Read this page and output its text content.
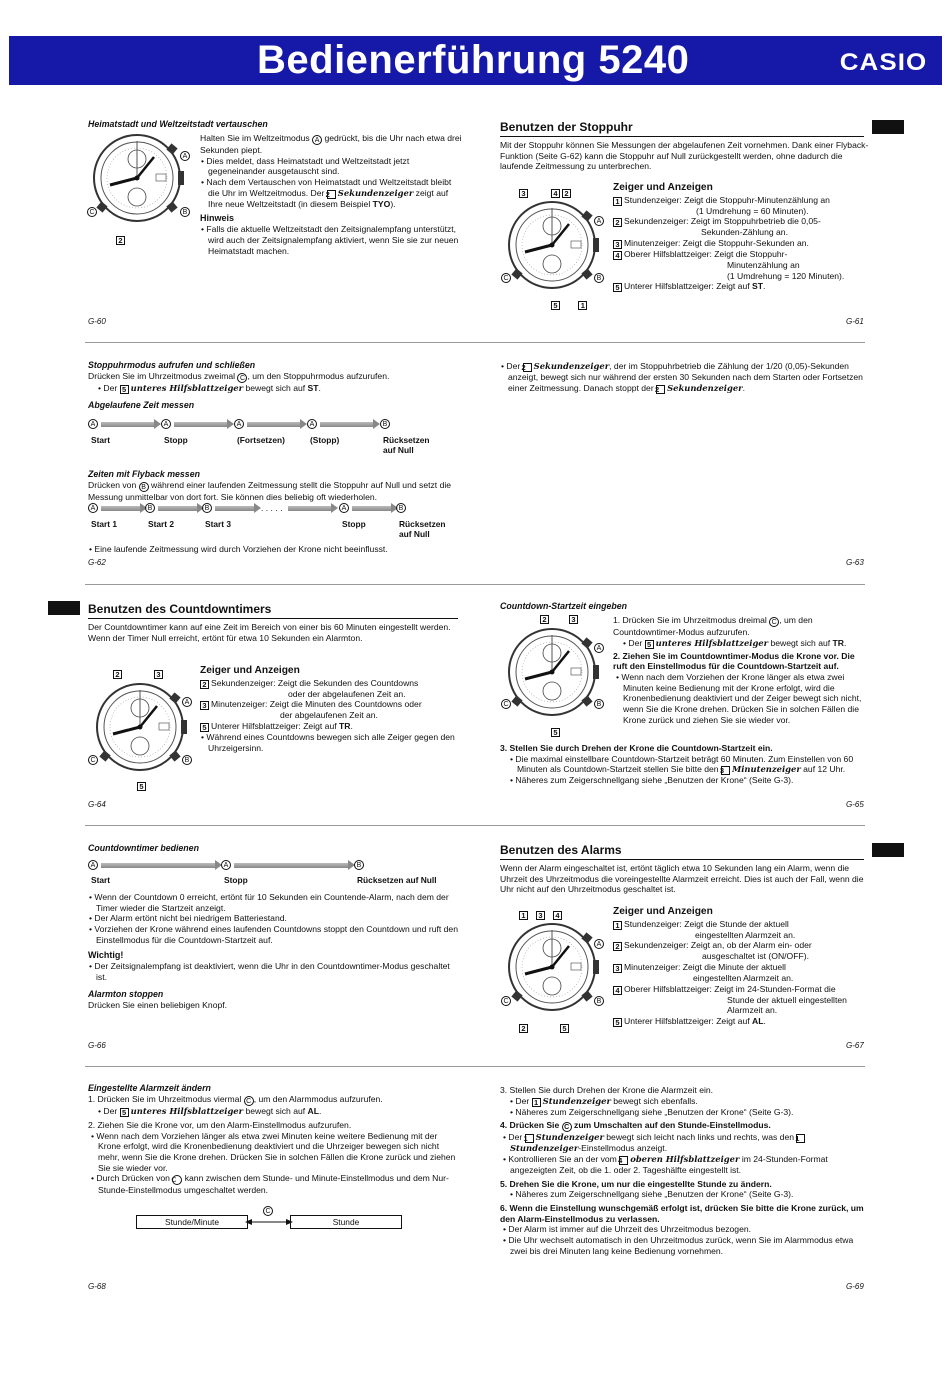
Bedienerführung 5240	CASIO
Heimatstadt und Weltzeitstadt vertauschen
A
C	B
2
Halten Sie im Weltzeitmodus A gedrückt, bis die Uhr nach etwa drei Sekunden piept.
• Dies meldet, dass Heimatstadt und Weltzeitstadt jetzt gegeneinander ausgetauscht sind.
• Nach dem Vertauschen von Heimatstadt und Weltzeitstadt bleibt die Uhr im Weltzeitmodus. Der 2 Sekundenzeiger zeigt auf Ihre neue Weltzeitstadt (in diesem Beispiel TYO).
Hinweis
• Falls die aktuelle Weltzeitstadt den Zeitsignalempfang unterstützt, wird auch der Zeitsignalempfang aktiviert, wenn Sie sie zur neuen Heimatstadt machen.
G-60
Benutzen der Stoppuhr
Mit der Stoppuhr können Sie Messungen der abgelaufenen Zeit vornehmen. Dank einer Flyback-Funktion (Seite G-62) kann die Stoppuhr auf Null zurückgestellt werden, ohne dadurch die laufende Zeitmessung zu unterbrechen.
3	4 2
A
C	B
5	1
Zeiger und Anzeigen
1 Stundenzeiger: Zeigt die Stoppuhr-Minutenzählung an
(1 Umdrehung = 60 Minuten).
2 Sekundenzeiger: Zeigt im Stoppuhrbetrieb die 0,05-
Sekunden-Zählung an.
3 Minutenzeiger: Zeigt die Stoppuhr-Sekunden an.
4 Oberer Hilfsblattzeiger: Zeigt die Stoppuhr-
Minutenzählung an
(1 Umdrehung = 120 Minuten).
5 Unterer Hilfsblattzeiger: Zeigt auf ST.
G-61
Stoppuhrmodus aufrufen und schließen
Drücken Sie im Uhrzeitmodus zweimal C , um den Stoppuhrmodus aufzurufen.
• Der 5 unteres Hilfsblattzeiger bewegt sich auf ST.
Abgelaufene Zeit messen
A	A	A	A	B
Start	Stopp	(Fortsetzen)	(Stopp)	Rücksetzen auf Null
Zeiten mit Flyback messen
Drücken von B während einer laufenden Zeitmessung stellt die Stoppuhr auf Null und setzt die Messung unmittelbar von dort fort. Sie können dies beliebig oft wiederholen.
A	B	B	. . . . .	A	B
Start 1	Start 2	Start 3	Stopp	Rücksetzen auf Null
• Eine laufende Zeitmessung wird durch Vorziehen der Krone nicht beeinflusst.
G-62
• Der 2 Sekundenzeiger, der im Stoppuhrbetrieb die Zählung der 1/20 (0,05)-Sekunden anzeigt, bewegt sich nur während der ersten 30 Sekunden nach dem Starten oder Fortsetzen einer Zeitmessung. Danach stoppt der 2 Sekundenzeiger.
G-63
Benutzen des Countdowntimers
Der Countdowntimer kann auf eine Zeit im Bereich von einer bis 60 Minuten eingestellt werden. Wenn der Timer Null erreicht, ertönt für etwa 10 Sekunden ein Alarmton.
2	3
A
C	B
5
Zeiger und Anzeigen
2 Sekundenzeiger: Zeigt die Sekunden des Countdowns
oder der abgelaufenen Zeit an.
3 Minutenzeiger: Zeigt die Minuten des Countdowns oder
der abgelaufenen Zeit an.
5 Unterer Hilfsblattzeiger: Zeigt auf TR.
• Während eines Countdowns bewegen sich alle Zeiger gegen den Uhrzeigersinn.
G-64
Countdown-Startzeit eingeben
2	3
A
C	B
5
1. Drücken Sie im Uhrzeitmodus dreimal C , um den Countdowntimer-Modus aufzurufen.
• Der 5 unteres Hilfsblattzeiger bewegt sich auf TR.
2. Ziehen Sie im Countdowntimer-Modus die Krone vor. Die ruft den Einstellmodus für die Countdown-Startzeit auf.
• Wenn nach dem Vorziehen der Krone länger als etwa zwei Minuten keine Bedienung mit der Krone erfolgt, wird die Kronenbedienung deaktiviert und der Zeiger bewegt sich nicht, wenn Sie die Krone drehen. Drücken Sie in solchen Fällen die Krone zurück und ziehen Sie sie wieder vor.
3. Stellen Sie durch Drehen der Krone die Countdown-Startzeit ein.
• Die maximal einstellbare Countdown-Startzeit beträgt 60 Minuten. Zum Einstellen von 60 Minuten als Countdown-Startzeit stellen Sie bitte den 3 Minutenzeiger auf 12 Uhr.
• Näheres zum Zeigerschnellgang siehe „Benutzen der Krone“ (Seite G-3).
G-65
Countdowntimer bedienen
A	A	B
Start	Stopp	Rücksetzen auf Null
• Wenn der Countdown 0 erreicht, ertönt für 10 Sekunden ein Countende-Alarm, nach dem der Timer wieder die Startzeit anzeigt.
• Der Alarm ertönt nicht bei niedrigem Batteriestand.
• Vorziehen der Krone während eines laufenden Countdowns stoppt den Countdown und ruft den Einstellmodus für die Countdown-Startzeit auf.
Wichtig!
• Der Zeitsignalempfang ist deaktiviert, wenn die Uhr in den Countdowntimer-Modus geschaltet ist.
Alarmton stoppen
Drücken Sie einen beliebigen Knopf.
G-66
Benutzen des Alarms
Wenn der Alarm eingeschaltet ist, ertönt täglich etwa 10 Sekunden lang ein Alarm, wenn die Uhrzeit des Uhrzeitmodus die voreingestellte Alarmzeit erreicht. Dies ist auch der Fall, wenn die Uhr nicht auf den Uhrzeitmodus geschaltet ist.
1 3 4
A
C	B
2	5
Zeiger und Anzeigen
1 Stundenzeiger: Zeigt die Stunde der aktuell
eingestellten Alarmzeit an.
2 Sekundenzeiger: Zeigt an, ob der Alarm ein- oder
ausgeschaltet ist (ON/OFF).
3 Minutenzeiger: Zeigt die Minute der aktuell
eingestellten Alarmzeit an.
4 Oberer Hilfsblattzeiger: Zeigt im 24-Stunden-Format die
Stunde der aktuell eingestellten
Alarmzeit an.
5 Unterer Hilfsblattzeiger: Zeigt auf AL.
G-67
Eingestellte Alarmzeit ändern
1. Drücken Sie im Uhrzeitmodus viermal C , um den Alarmmodus aufzurufen.
• Der 5 unteres Hilfsblattzeiger bewegt sich auf AL.
2. Ziehen Sie die Krone vor, um den Alarm-Einstellmodus aufzurufen.
• Wenn nach dem Vorziehen länger als etwa zwei Minuten keine weitere Bedienung mit der Krone erfolgt, wird die Kronenbedienung deaktiviert und die Uhrzeiger bewegen sich nicht mehr, wenn Sie die Krone drehen. Drücken Sie in solchen Fällen die Krone zurück und ziehen Sie sie wieder vor.
• Durch Drücken von C kann zwischen dem Stunde- und Minute-Einstellmodus und dem Nur-Stunde-Einstellmodus umgeschaltet werden.
C
Stunde/Minute	Stunde
G-68
3. Stellen Sie durch Drehen der Krone die Alarmzeit ein.
• Der 1 Stundenzeiger bewegt sich ebenfalls.
• Näheres zum Zeigerschnellgang siehe „Benutzen der Krone“ (Seite G-3).
4. Drücken Sie C zum Umschalten auf den Stunde-Einstellmodus.
• Der 1 Stundenzeiger bewegt sich leicht nach links und rechts, was den 1Stundenzeiger-Einstellmodus anzeigt.
• Kontrollieren Sie an der vom 4 oberen Hilfsblattzeiger im 24-Stunden-Format angezeigten Zeit, ob die 1. oder 2. Tageshälfte eingestellt ist.
5. Drehen Sie die Krone, um nur die eingestellte Stunde zu ändern.
• Näheres zum Zeigerschnellgang siehe „Benutzen der Krone“ (Seite G-3).
6. Wenn die Einstellung wunschgemäß erfolgt ist, drücken Sie bitte die Krone zurück, um den Alarm-Einstellmodus zu verlassen.
• Der Alarm ist immer auf die Uhrzeit des Uhrzeitmodus bezogen.
• Die Uhr wechselt automatisch in den Uhrzeitmodus zurück, wenn Sie im Alarmmodus etwa zwei bis drei Minuten lang keine Bedienung vornehmen.
G-69
